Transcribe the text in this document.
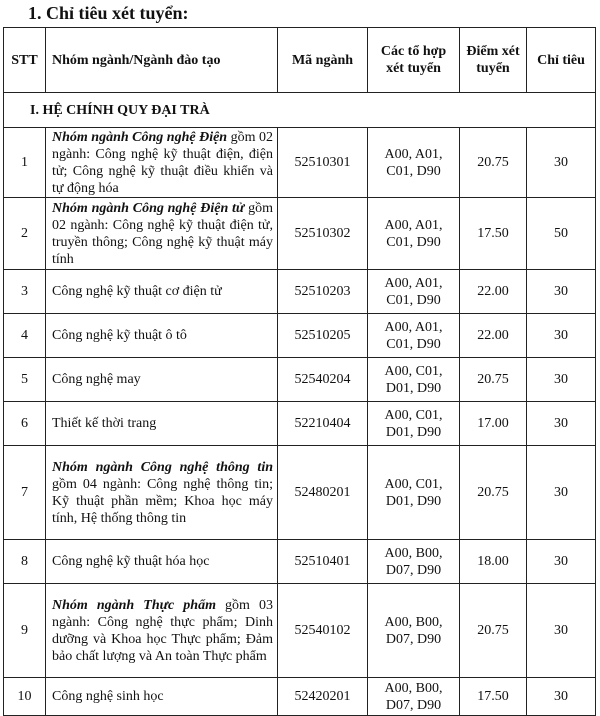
1. Chỉ tiêu xét tuyển:
STT	Nhóm ngành/Ngành đào tạo	Mã ngành	Các tổ hợp xét tuyển	Điểm xét tuyển	Chỉ tiêu
I. HỆ CHÍNH QUY ĐẠI TRÀ					
1	Nhóm ngành Công nghệ Điện gồm 02 ngành: Công nghệ kỹ thuật điện, điện tử; Công nghệ kỹ thuật điều khiển và tự động hóa	52510301	A00, A01, C01, D90	20.75	30
2	Nhóm ngành Công nghệ Điện tử gồm 02 ngành: Công nghệ kỹ thuật điện tử, truyền thông; Công nghệ kỹ thuật máy tính	52510302	A00, A01, C01, D90	17.50	50
3	Công nghệ kỹ thuật cơ điện tử	52510203	A00, A01, C01, D90	22.00	30
4	Công nghệ kỹ thuật ô tô	52510205	A00, A01, C01, D90	22.00	30
5	Công nghệ may	52540204	A00, C01, D01, D90	20.75	30
6	Thiết kế thời trang	52210404	A00, C01, D01, D90	17.00	30
7	Nhóm ngành Công nghệ thông tin gồm 04 ngành: Công nghệ thông tin; Kỹ thuật phần mềm; Khoa học máy tính, Hệ thống thông tin	52480201	A00, C01, D01, D90	20.75	30
8	Công nghệ kỹ thuật hóa học	52510401	A00, B00, D07, D90	18.00	30
9	Nhóm ngành Thực phẩm gồm 03 ngành: Công nghệ thực phẩm; Dinh dưỡng và Khoa học Thực phẩm; Đảm bảo chất lượng và An toàn Thực phẩm	52540102	A00, B00, D07, D90	20.75	30
10	Công nghệ sinh học	52420201	A00, B00, D07, D90	17.50	30
